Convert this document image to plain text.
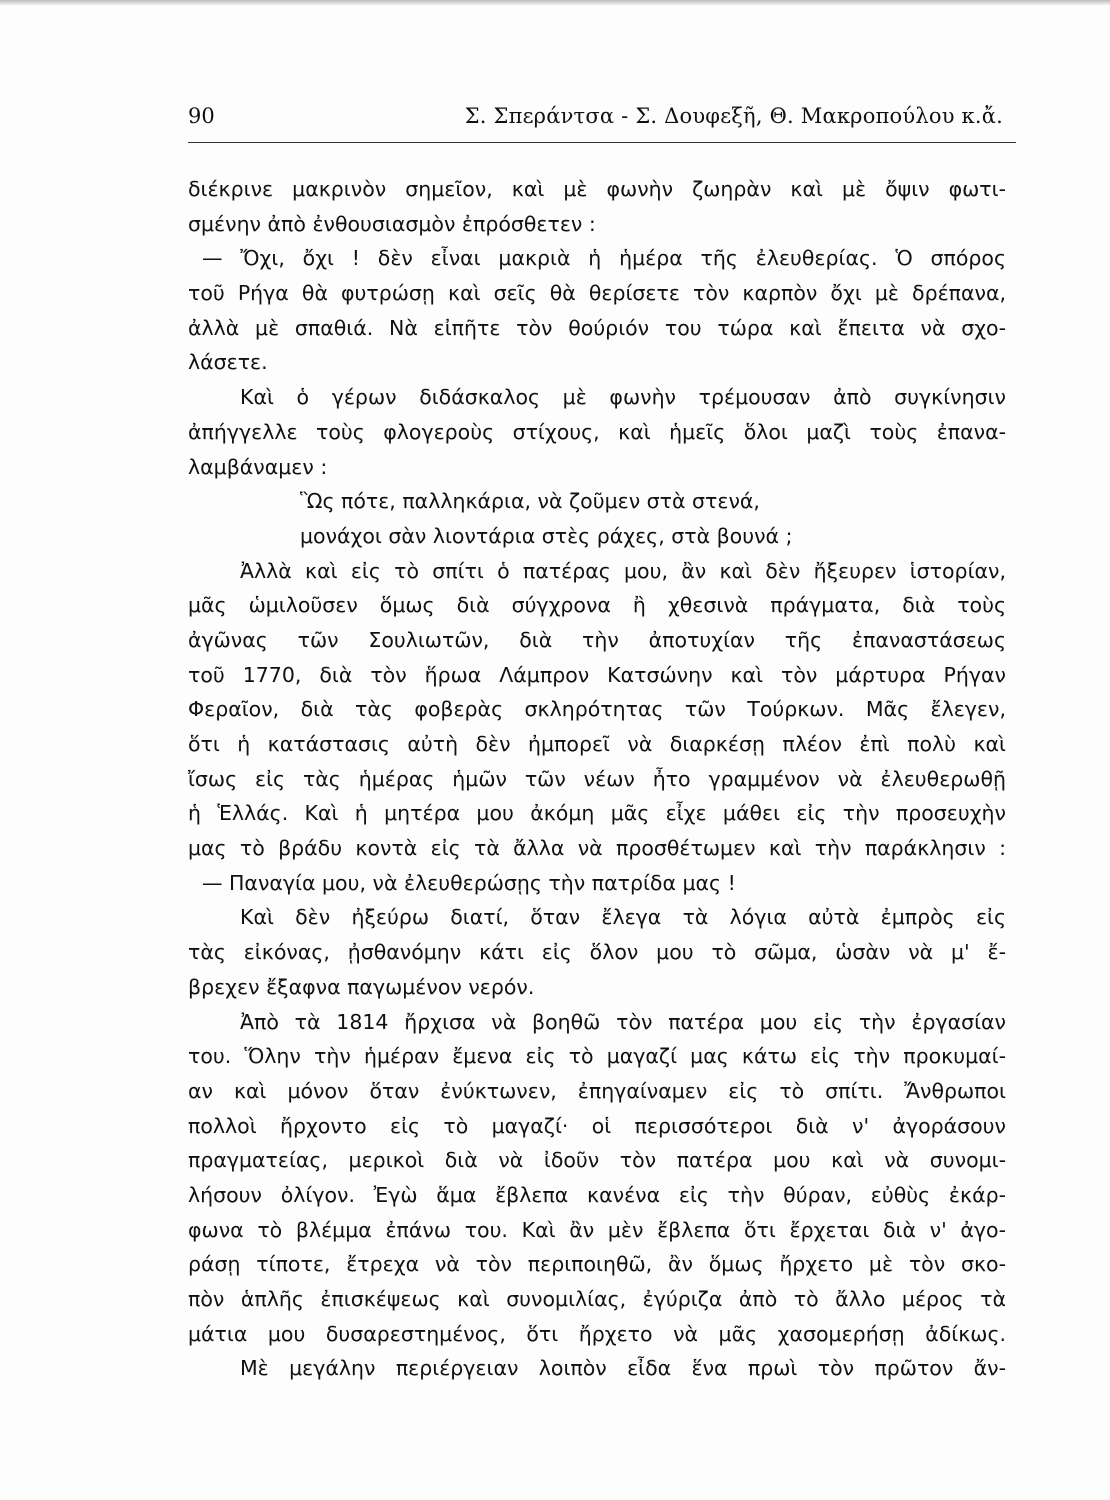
90	Σ. Σπεράντσα - Σ. Δουφεξῆ, Θ. Μακροπούλου κ.ἄ.
διέκρινε μακρινὸν σημεῖον, καὶ μὲ φωνὴν ζωηρὰν καὶ μὲ ὄψιν φωτι-
σμένην ἀπὸ ἐνθουσιασμὸν ἐπρόσθετεν :
— Ὄχι, ὄχι ! δὲν εἶναι μακριὰ ἡ ἡμέρα τῆς ἐλευθερίας. Ὁ σπόρος
τοῦ Ρήγα θὰ φυτρώσῃ καὶ σεῖς θὰ θερίσετε τὸν καρπὸν ὄχι μὲ δρέπανα,
ἀλλὰ μὲ σπαθιά. Νὰ εἰπῆτε τὸν θούριόν του τώρα καὶ ἔπειτα νὰ σχο-
λάσετε.
Καὶ ὁ γέρων διδάσκαλος μὲ φωνὴν τρέμουσαν ἀπὸ συγκίνησιν
ἀπήγγελλε τοὺς φλογεροὺς στίχους, καὶ ἡμεῖς ὅλοι μαζὶ τοὺς ἐπανα-
λαμβάναμεν :
Ὣς πότε, παλληκάρια, νὰ ζοῦμεν στὰ στενά,
μονάχοι σὰν λιοντάρια στὲς ράχες, στὰ βουνά ;
Ἀλλὰ καὶ εἰς τὸ σπίτι ὁ πατέρας μου, ἂν καὶ δὲν ἤξευρεν ἱστορίαν,
μᾶς ὡμιλοῦσεν ὅμως διὰ σύγχρονα ἢ χθεσινὰ πράγματα, διὰ τοὺς
ἀγῶνας τῶν Σουλιωτῶν, διὰ τὴν ἀποτυχίαν τῆς ἐπαναστάσεως
τοῦ 1770, διὰ τὸν ἥρωα Λάμπρον Κατσώνην καὶ τὸν μάρτυρα Ρήγαν
Φεραῖον, διὰ τὰς φοβερὰς σκληρότητας τῶν Τούρκων. Μᾶς ἔλεγεν,
ὅτι ἡ κατάστασις αὐτὴ δὲν ἠμπορεῖ νὰ διαρκέσῃ πλέον ἐπὶ πολὺ καὶ
ἴσως εἰς τὰς ἡμέρας ἡμῶν τῶν νέων ἦτο γραμμένον νὰ ἐλευθερωθῇ
ἡ Ἑλλάς. Καὶ ἡ μητέρα μου ἀκόμη μᾶς εἶχε μάθει εἰς τὴν προσευχὴν
μας τὸ βράδυ κοντὰ εἰς τὰ ἄλλα νὰ προσθέτωμεν καὶ τὴν παράκλησιν :
— Παναγία μου, νὰ ἐλευθερώσῃς τὴν πατρίδα μας !
Καὶ δὲν ἠξεύρω διατί, ὅταν ἔλεγα τὰ λόγια αὐτὰ ἐμπρὸς εἰς
τὰς εἰκόνας, ᾐσθανόμην κάτι εἰς ὅλον μου τὸ σῶμα, ὡσὰν νὰ μ' ἔ-
βρεχεν ἔξαφνα παγωμένον νερόν.
Ἀπὸ τὰ 1814 ἤρχισα νὰ βοηθῶ τὸν πατέρα μου εἰς τὴν ἐργασίαν
του. Ὅλην τὴν ἡμέραν ἔμενα εἰς τὸ μαγαζί μας κάτω εἰς τὴν προκυμαί-
αν καὶ μόνον ὅταν ἐνύκτωνεν, ἐπηγαίναμεν εἰς τὸ σπίτι. Ἄνθρωποι
πολλοὶ ἤρχοντο εἰς τὸ μαγαζί· οἱ περισσότεροι διὰ ν' ἀγοράσουν
πραγματείας, μερικοὶ διὰ νὰ ἰδοῦν τὸν πατέρα μου καὶ νὰ συνομι-
λήσουν ὀλίγον. Ἐγὼ ἅμα ἔβλεπα κανένα εἰς τὴν θύραν, εὐθὺς ἐκάρ-
φωνα τὸ βλέμμα ἐπάνω του. Καὶ ἂν μὲν ἔβλεπα ὅτι ἔρχεται διὰ ν' ἀγο-
ράσῃ τίποτε, ἔτρεχα νὰ τὸν περιποιηθῶ, ἂν ὅμως ἤρχετο μὲ τὸν σκο-
πὸν ἁπλῆς ἐπισκέψεως καὶ συνομιλίας, ἐγύριζα ἀπὸ τὸ ἄλλο μέρος τὰ
μάτια μου δυσαρεστημένος, ὅτι ἤρχετο νὰ μᾶς χασομερήσῃ ἀδίκως.
Μὲ μεγάλην περιέργειαν λοιπὸν εἶδα ἕνα πρωὶ τὸν πρῶτον ἄν-
